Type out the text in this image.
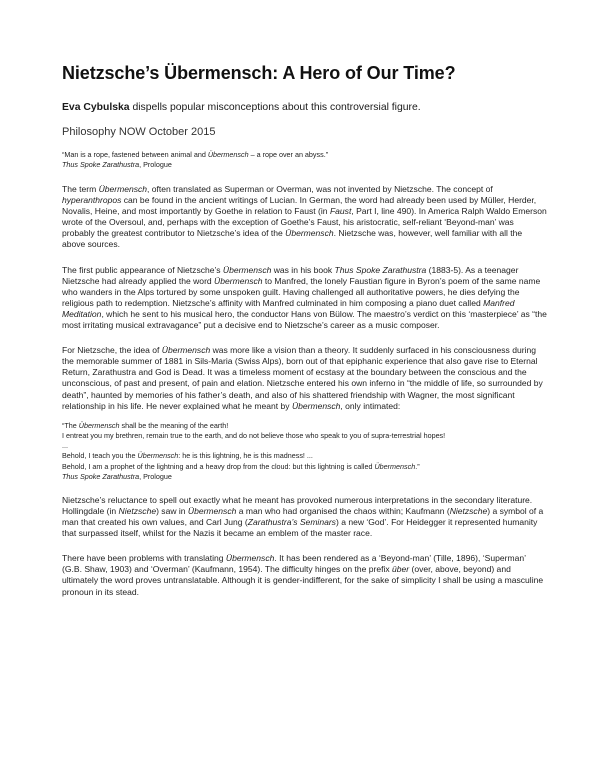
Nietzsche’s Übermensch: A Hero of Our Time?
Eva Cybulska dispells popular misconceptions about this controversial figure.
Philosophy NOW October 2015
“Man is a rope, fastened between animal and Übermensch – a rope over an abyss.”
Thus Spoke Zarathustra, Prologue

The term Übermensch, often translated as Superman or Overman, was not invented by Nietzsche. The concept of hyperanthropos can be found in the ancient writings of Lucian. In German, the word had already been used by Müller, Herder, Novalis, Heine, and most importantly by Goethe in relation to Faust (in Faust, Part I, line 490). In America Ralph Waldo Emerson wrote of the Oversoul, and, perhaps with the exception of Goethe’s Faust, his aristocratic, self-reliant ‘Beyond-man’ was probably the greatest contributor to Nietzsche’s idea of the Übermensch. Nietzsche was, however, well familiar with all the above sources.

The first public appearance of Nietzsche’s Übermensch was in his book Thus Spoke Zarathustra (1883-5). As a teenager Nietzsche had already applied the word Übermensch to Manfred, the lonely Faustian figure in Byron’s poem of the same name who wanders in the Alps tortured by some unspoken guilt. Having challenged all authoritative powers, he dies defying the religious path to redemption. Nietzsche’s affinity with Manfred culminated in him composing a piano duet called Manfred Meditation, which he sent to his musical hero, the conductor Hans von Bülow. The maestro’s verdict on this ‘masterpiece’ as “the most irritating musical extravagance” put a decisive end to Nietzsche’s career as a music composer.

For Nietzsche, the idea of Übermensch was more like a vision than a theory. It suddenly surfaced in his consciousness during the memorable summer of 1881 in Sils-Maria (Swiss Alps), born out of that epiphanic experience that also gave rise to Eternal Return, Zarathustra and God is Dead. It was a timeless moment of ecstasy at the boundary between the conscious and the unconscious, of past and present, of pain and elation. Nietzsche entered his own inferno in “the middle of life, so surrounded by death”, haunted by memories of his father’s death, and also of his shattered friendship with Wagner, the most significant relationship in his life. He never explained what he meant by Übermensch, only intimated:

“The Übermensch shall be the meaning of the earth!
I entreat you my brethren, remain true to the earth, and do not believe those who speak to you of supra-terrestrial hopes!
...
Behold, I teach you the Übermensch: he is this lightning, he is this madness! ...
Behold, I am a prophet of the lightning and a heavy drop from the cloud: but this lightning is called Übermensch.”
Thus Spoke Zarathustra, Prologue

Nietzsche’s reluctance to spell out exactly what he meant has provoked numerous interpretations in the secondary literature. Hollingdale (in Nietzsche) saw in Übermensch a man who had organised the chaos within; Kaufmann (Nietzsche) a symbol of a man that created his own values, and Carl Jung (Zarathustra’s Seminars) a new ‘God’. For Heidegger it represented humanity that surpassed itself, whilst for the Nazis it became an emblem of the master race.

There have been problems with translating Übermensch. It has been rendered as a ‘Beyond-man’ (Tille, 1896), ‘Superman’ (G.B. Shaw, 1903) and ‘Overman’ (Kaufmann, 1954). The difficulty hinges on the prefix über (over, above, beyond) and ultimately the word proves untranslatable. Although it is gender-indifferent, for the sake of simplicity I shall be using a masculine pronoun in its stead.
